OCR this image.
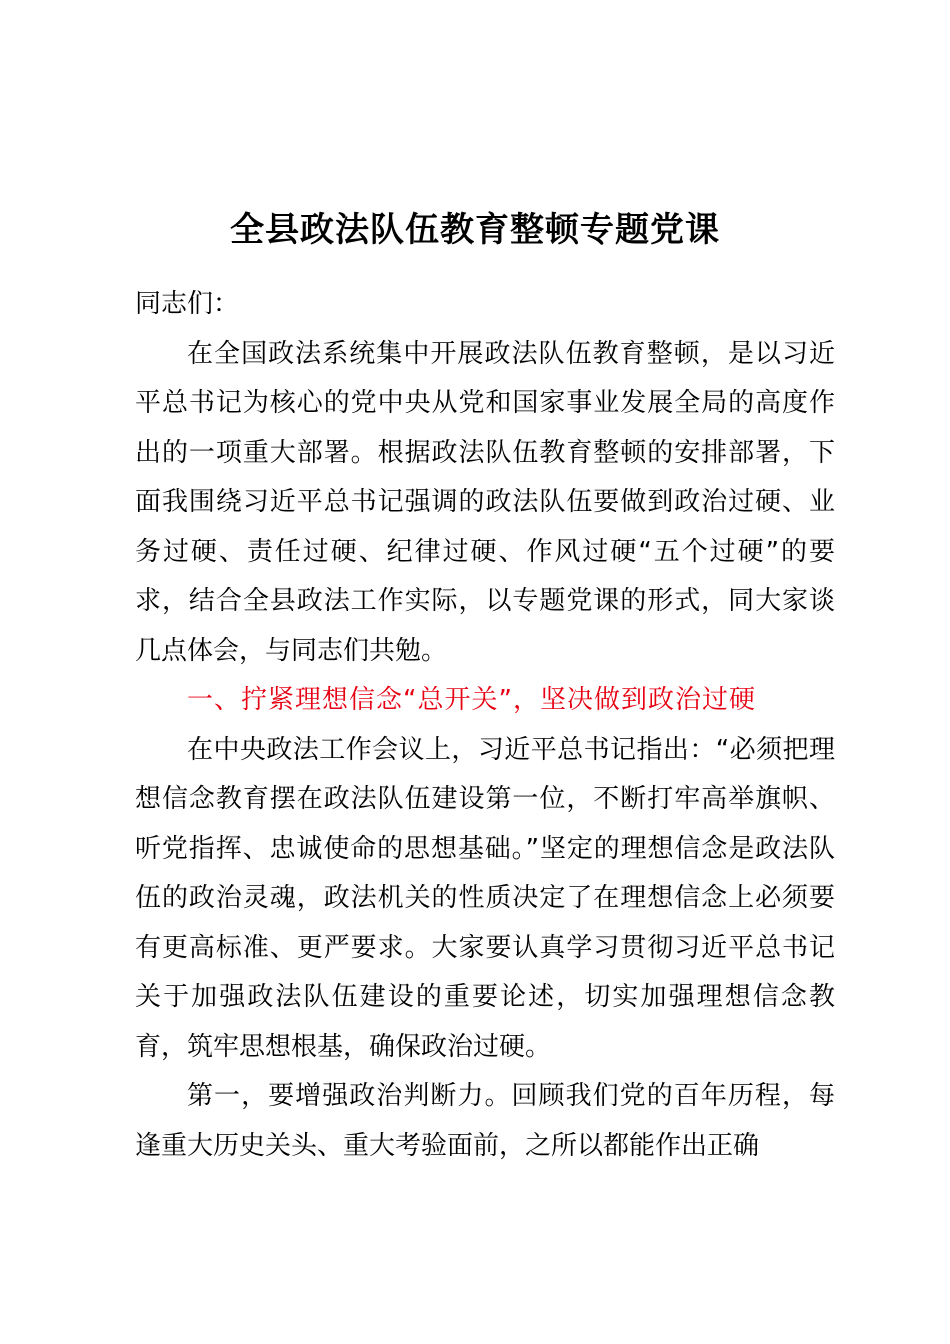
全县政法队伍教育整顿专题党课

同志们：

在全国政法系统集中开展政法队伍教育整顿，是以习近平总书记为核心的党中央从党和国家事业发展全局的高度作出的一项重大部署。根据政法队伍教育整顿的安排部署，下面我围绕习近平总书记强调的政法队伍要做到政治过硬、业务过硬、责任过硬、纪律过硬、作风过硬“五个过硬”的要求，结合全县政法工作实际，以专题党课的形式，同大家谈几点体会，与同志们共勉。

一、拧紧理想信念“总开关”，坚决做到政治过硬

在中央政法工作会议上，习近平总书记指出：“必须把理想信念教育摆在政法队伍建设第一位，不断打牢高举旗帜、听党指挥、忠诚使命的思想基础。”坚定的理想信念是政法队伍的政治灵魂，政法机关的性质决定了在理想信念上必须要有更高标准、更严要求。大家要认真学习贯彻习近平总书记关于加强政法队伍建设的重要论述，切实加强理想信念教育，筑牢思想根基，确保政治过硬。

第一，要增强政治判断力。回顾我们党的百年历程，每逢重大历史关头、重大考验面前，之所以都能作出正确
